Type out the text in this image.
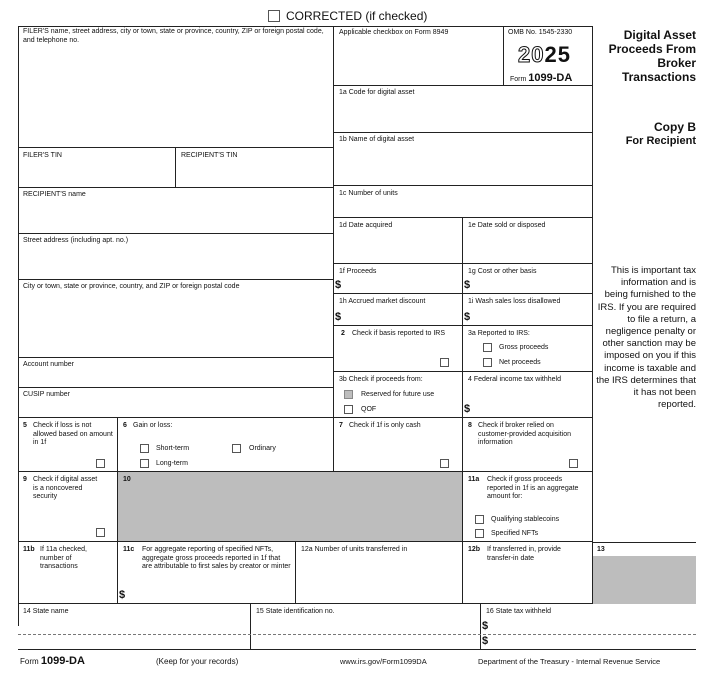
CORRECTED (if checked)
FILER'S name, street address, city or town, state or province, country, ZIP or foreign postal code, and telephone no.
FILER'S TIN	RECIPIENT'S TIN
RECIPIENT'S name
Street address (including apt. no.)
City or town, state or province, country, and ZIP or foreign postal code
Account number
CUSIP number
Applicable checkbox on Form 8949	OMB No. 1545-2330
2025
Form 1099-DA
1a Code for digital asset
1b Name of digital asset
1c Number of units
1d Date acquired	1e Date sold or disposed
1f Proceeds
$
1g Cost or other basis
$
1h Accrued market discount
$
1i Wash sales loss disallowed
$
2 Check if basis reported to IRS	3a Reported to IRS:
Gross proceeds
Net proceeds
3b Check if proceeds from:
Reserved for future use
QOF
4 Federal income tax withheld
$
5 Check if loss is not allowed based on amount in 1f
6 Gain or loss:
Short-term
Long-term
Ordinary
7 Check if 1f is only cash	8 Check if broker relied on customer-provided acquisition information
9 Check if digital asset is a noncovered security
10	11a Check if gross proceeds reported in 1f is an aggregate amount for:
Qualifying stablecoins
Specified NFTs
11b If 11a checked, number of transactions
11c For aggregate reporting of specified NFTs, aggregate gross proceeds reported in 1f that are attributable to first sales by creator or minter
$
12a Number of units transferred in	12b If transferred in, provide transfer-in date
13
14 State name	15 State identification no.	16 State tax withheld
$
$
Digital Asset Proceeds From Broker Transactions
Copy B
For Recipient
This is important tax information and is being furnished to the IRS. If you are required to file a return, a negligence penalty or other sanction may be imposed on you if this income is taxable and the IRS determines that it has not been reported.
Form 1099-DA	(Keep for your records)	www.irs.gov/Form1099DA	Department of the Treasury - Internal Revenue Service
